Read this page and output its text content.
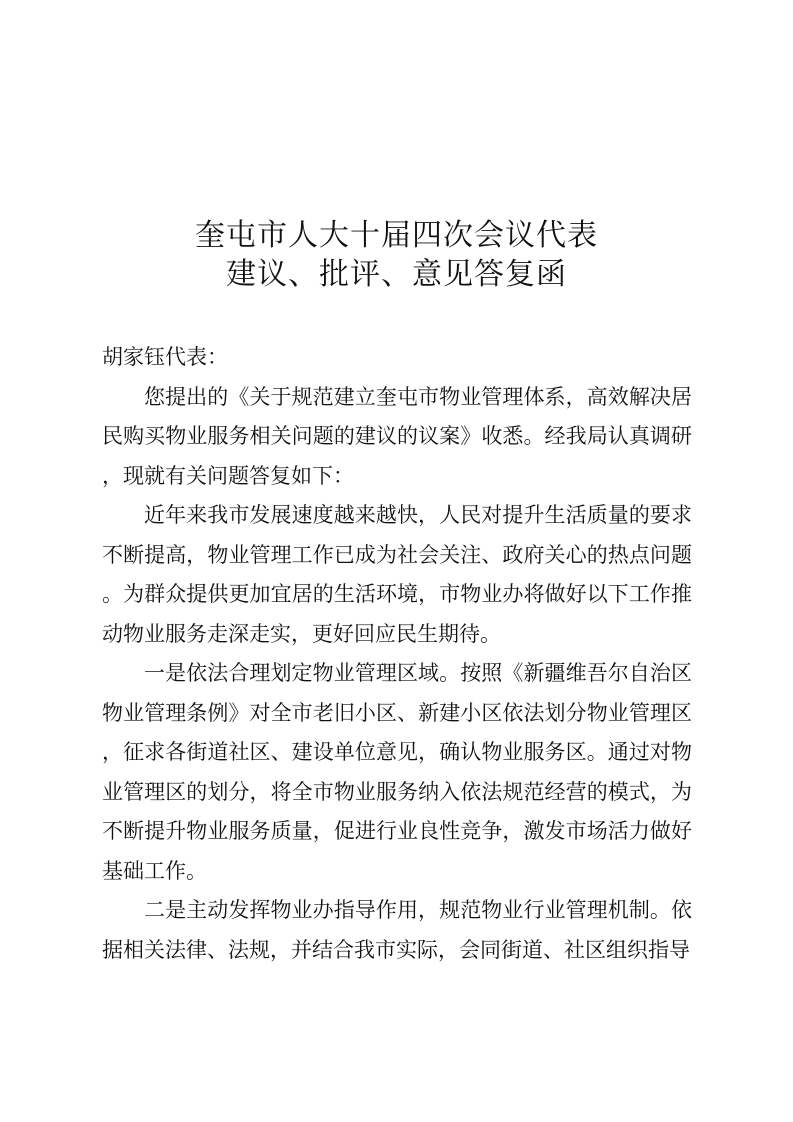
奎屯市人大十届四次会议代表
建议、批评、意见答复函

胡家钰代表：

您提出的《关于规范建立奎屯市物业管理体系，高效解决居民购买物业服务相关问题的建议的议案》收悉。经我局认真调研，现就有关问题答复如下：

近年来我市发展速度越来越快，人民对提升生活质量的要求不断提高，物业管理工作已成为社会关注、政府关心的热点问题。为群众提供更加宜居的生活环境，市物业办将做好以下工作推动物业服务走深走实，更好回应民生期待。

一是依法合理划定物业管理区域。按照《新疆维吾尔自治区物业管理条例》对全市老旧小区、新建小区依法划分物业管理区，征求各街道社区、建设单位意见，确认物业服务区。通过对物业管理区的划分，将全市物业服务纳入依法规范经营的模式，为不断提升物业服务质量，促进行业良性竞争，激发市场活力做好基础工作。

二是主动发挥物业办指导作用，规范物业行业管理机制。依据相关法律、法规，并结合我市实际，会同街道、社区组织指导
